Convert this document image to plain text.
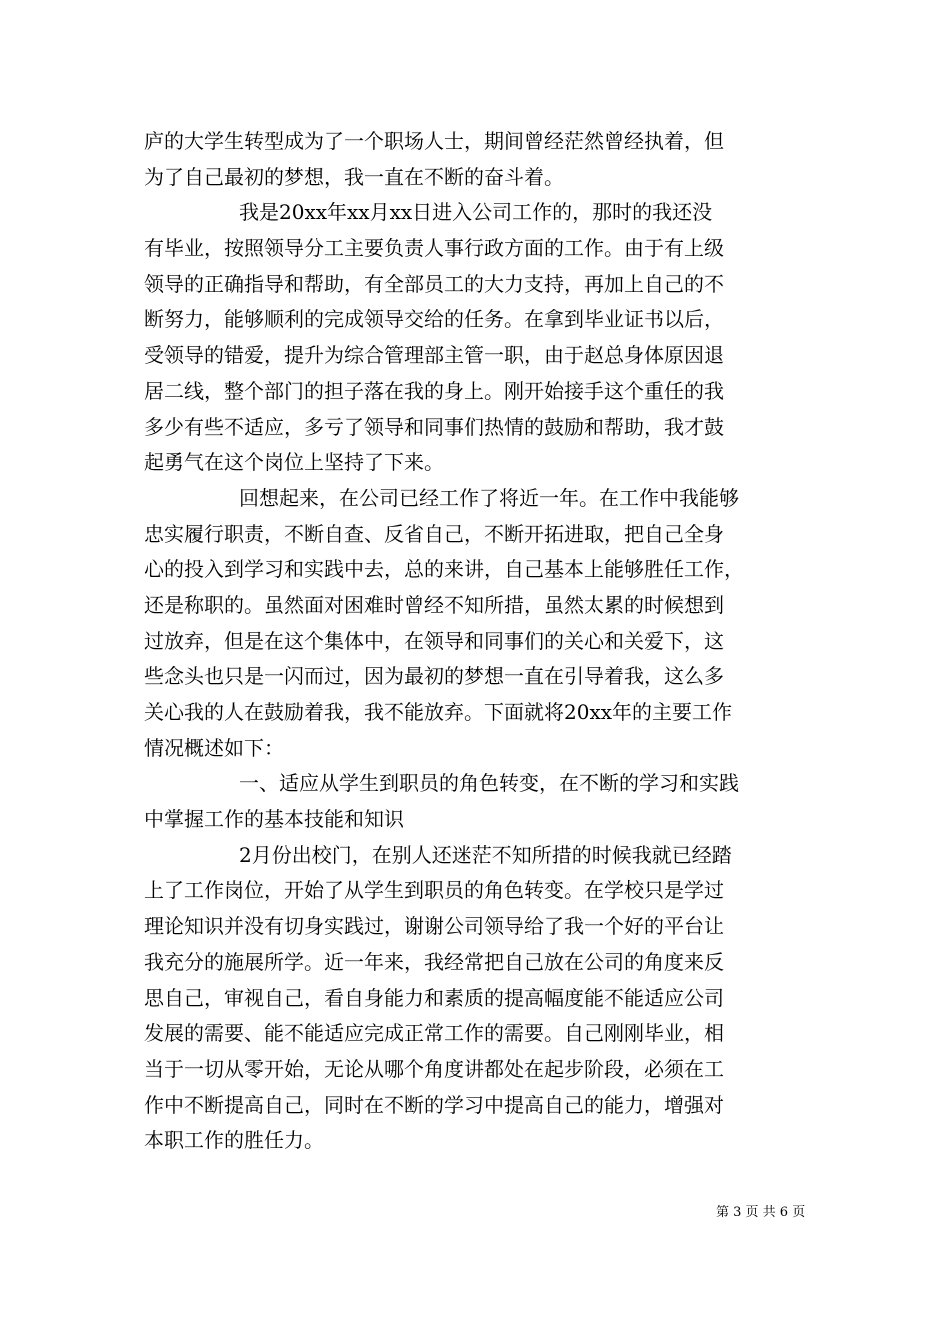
庐的大学生转型成为了一个职场人士，期间曾经茫然曾经执着，但
为了自己最初的梦想，我一直在不断的奋斗着。
我是20xx年xx月xx日进入公司工作的，那时的我还没
有毕业，按照领导分工主要负责人事行政方面的工作。由于有上级
领导的正确指导和帮助，有全部员工的大力支持，再加上自己的不
断努力，能够顺利的完成领导交给的任务。在拿到毕业证书以后，
受领导的错爱，提升为综合管理部主管一职，由于赵总身体原因退
居二线，整个部门的担子落在我的身上。刚开始接手这个重任的我
多少有些不适应，多亏了领导和同事们热情的鼓励和帮助，我才鼓
起勇气在这个岗位上坚持了下来。
回想起来，在公司已经工作了将近一年。在工作中我能够
忠实履行职责，不断自查、反省自己，不断开拓进取，把自己全身
心的投入到学习和实践中去，总的来讲，自己基本上能够胜任工作，
还是称职的。虽然面对困难时曾经不知所措，虽然太累的时候想到
过放弃，但是在这个集体中，在领导和同事们的关心和关爱下，这
些念头也只是一闪而过，因为最初的梦想一直在引导着我，这么多
关心我的人在鼓励着我，我不能放弃。下面就将20xx年的主要工作
情况概述如下：
一、适应从学生到职员的角色转变，在不断的学习和实践
中掌握工作的基本技能和知识
2月份出校门，在别人还迷茫不知所措的时候我就已经踏
上了工作岗位，开始了从学生到职员的角色转变。在学校只是学过
理论知识并没有切身实践过，谢谢公司领导给了我一个好的平台让
我充分的施展所学。近一年来，我经常把自己放在公司的角度来反
思自己，审视自己，看自身能力和素质的提高幅度能不能适应公司
发展的需要、能不能适应完成正常工作的需要。自己刚刚毕业，相
当于一切从零开始，无论从哪个角度讲都处在起步阶段，必须在工
作中不断提高自己，同时在不断的学习中提高自己的能力，增强对
本职工作的胜任力。
第 3 页 共 6 页
